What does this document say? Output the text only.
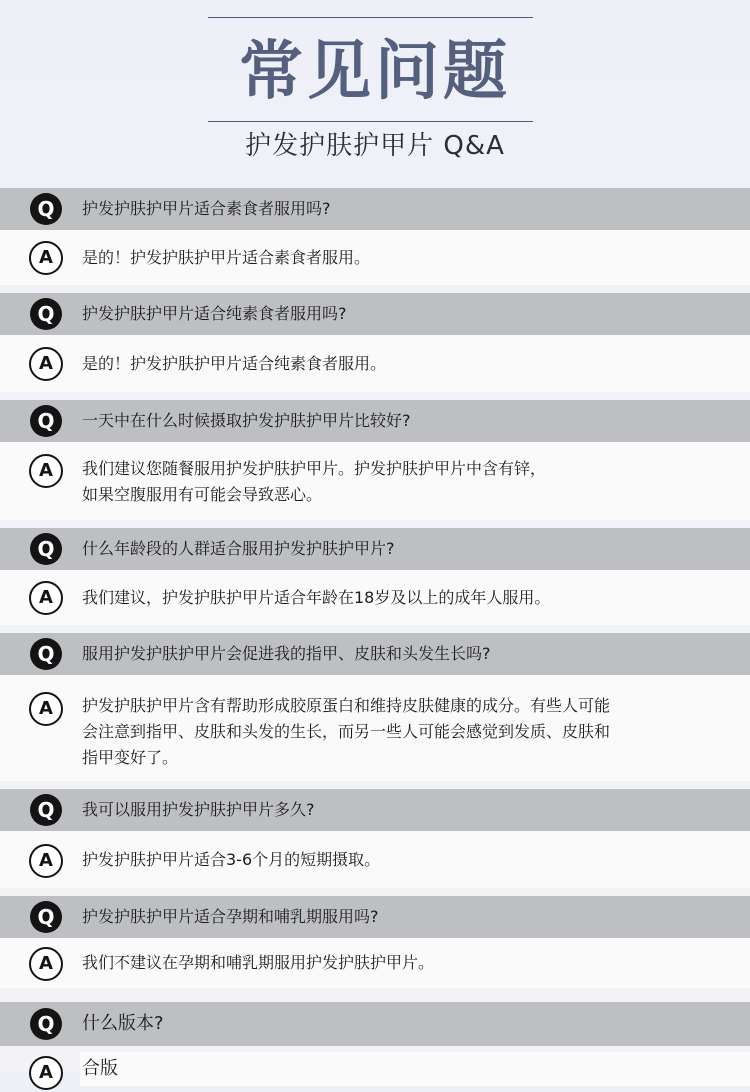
常见问题
护发护肤护甲片 Q&A
Q	护发护肤护甲片适合素食者服用吗?
A	是的！护发护肤护甲片适合素食者服用。
Q	护发护肤护甲片适合纯素食者服用吗?
A	是的！护发护肤护甲片适合纯素食者服用。
Q	一天中在什么时候摄取护发护肤护甲片比较好?
A	我们建议您随餐服用护发护肤护甲片。护发护肤护甲片中含有锌，
如果空腹服用有可能会导致恶心。
Q	什么年龄段的人群适合服用护发护肤护甲片?
A	我们建议，护发护肤护甲片适合年龄在18岁及以上的成年人服用。
Q	服用护发护肤护甲片会促进我的指甲、皮肤和头发生长吗?
A	护发护肤护甲片含有帮助形成胶原蛋白和维持皮肤健康的成分。有些人可能
会注意到指甲、皮肤和头发的生长，而另一些人可能会感觉到发质、皮肤和
指甲变好了。
Q	我可以服用护发护肤护甲片多久?
A	护发护肤护甲片适合3-6个月的短期摄取。
Q	护发护肤护甲片适合孕期和哺乳期服用吗?
A	我们不建议在孕期和哺乳期服用护发护肤护甲片。
Q	什么版本?
A	合版
